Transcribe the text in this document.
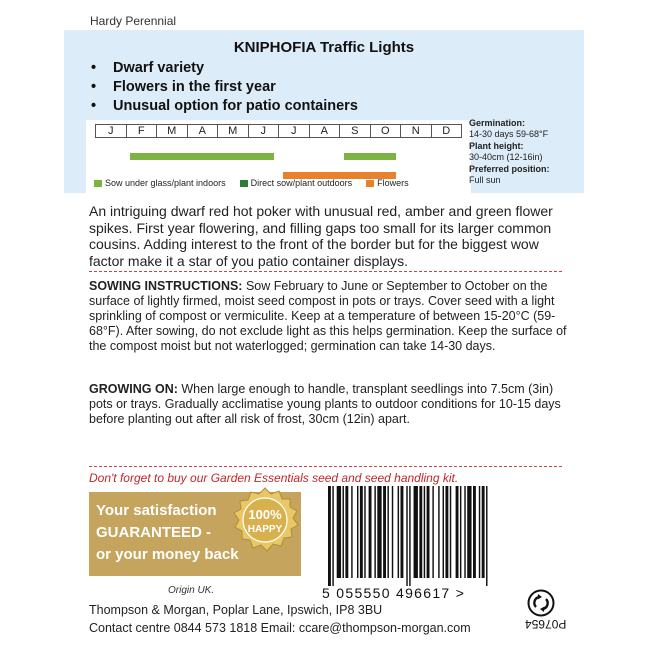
Hardy Perennial
KNIPHOFIA Traffic Lights
• Dwarf variety
• Flowers in the first year
• Unusual option for patio containers
J	F	M	A	M	J	J	A	S	O	N	D
Sow under glass/plant indoors	Direct sow/plant outdoors	Flowers
Germination:
14-30 days 59-68°F
Plant height:
30-40cm (12-16in)
Preferred position:
Full sun
An intriguing dwarf red hot poker with unusual red, amber and green flower spikes. First year flowering, and filling gaps too small for its larger common cousins. Adding interest to the front of the border but for the biggest wow factor make it a star of you patio container displays.
SOWING INSTRUCTIONS: Sow February to June or September to October on the surface of lightly firmed, moist seed compost in pots or trays. Cover seed with a light sprinkling of compost or vermiculite. Keep at a temperature of between 15-20°C (59-68°F). After sowing, do not exclude light as this helps germination. Keep the surface of the compost moist but not waterlogged; germination can take 14-30 days.
GROWING ON: When large enough to handle, transplant seedlings into 7.5cm (3in) pots or trays. Gradually acclimatise young plants to outdoor conditions for 10-15 days before planting out after all risk of frost, 30cm (12in) apart.
Don't forget to buy our Garden Essentials seed and seed handling kit.
Your satisfaction
GUARANTEED -
or your money back
100%
HAPPY
Origin UK.
Thompson & Morgan, Poplar Lane, Ipswich, IP8 3BU
Contact centre 0844 573 1818 Email: ccare@thompson-morgan.com
5 055550 496617 >
P07654
